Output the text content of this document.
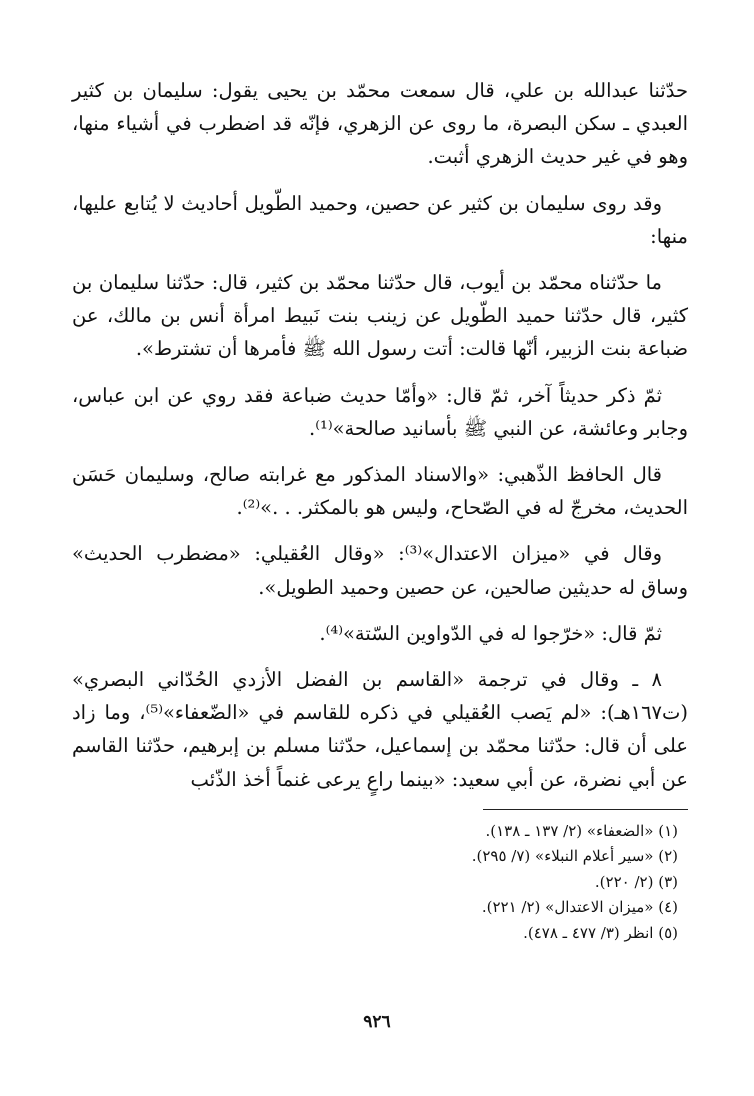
حدّثنا عبدالله بن علي، قال سمعت محمّد بن يحيى يقول: سليمان بن كثير العبدي ـ سكن البصرة، ما روى عن الزهري، فإنّه قد اضطرب في أشياء منها، وهو في غير حديث الزهري أثبت.

وقد روى سليمان بن كثير عن حصين، وحميد الطّويل أحاديث لا يُتابع عليها، منها:

ما حدّثناه محمّد بن أيوب، قال حدّثنا محمّد بن كثير، قال: حدّثنا سليمان بن كثير، قال حدّثنا حميد الطّويل عن زينب بنت نَبيط امرأة أنس بن مالك، عن ضباعة بنت الزبير، أنّها قالت: أتت رسول الله ﷺ فأمرها أن تشترط».

ثمّ ذكر حديثاً آخر، ثمّ قال: «وأمّا حديث ضباعة فقد روي عن ابن عباس، وجابر وعائشة، عن النبي ﷺ بأسانيد صالحة»⁽¹⁾.

قال الحافظ الذّهبي: «والاسناد المذكور مع غرابته صالح، وسليمان حَسَن الحديث، مخرجّ له في الصّحاح، وليس هو بالمكثر. . .»⁽²⁾.

وقال في «ميزان الاعتدال»⁽³⁾: «وقال العُقيلي: «مضطرب الحديث» وساق له حديثين صالحين، عن حصين وحميد الطويل».

ثمّ قال: «خرّجوا له في الدّواوين السّتة»⁽⁴⁾.

٨ ـ وقال في ترجمة «القاسم بن الفضل الأزدي الحُدّاني البصري» (ت١٦٧هـ): «لم يَصب العُقيلي في ذكره للقاسم في «الضّعفاء»⁽⁵⁾، وما زاد على أن قال: حدّثنا محمّد بن إسماعيل، حدّثنا مسلم بن إبرهيم، حدّثنا القاسم عن أبي نضرة، عن أبي سعيد: «بينما راعٍ يرعى غنماً أخذ الذّئب

(١) «الضعفاء» (٢/ ١٣٧ ـ ١٣٨).

(٢) «سير أعلام النبلاء» (٧/ ٢٩٥).

(٣) (٢/ ٢٢٠).

(٤) «ميزان الاعتدال» (٢/ ٢٢١).

(٥) انظر (٣/ ٤٧٧ ـ ٤٧٨).

٩٢٦
